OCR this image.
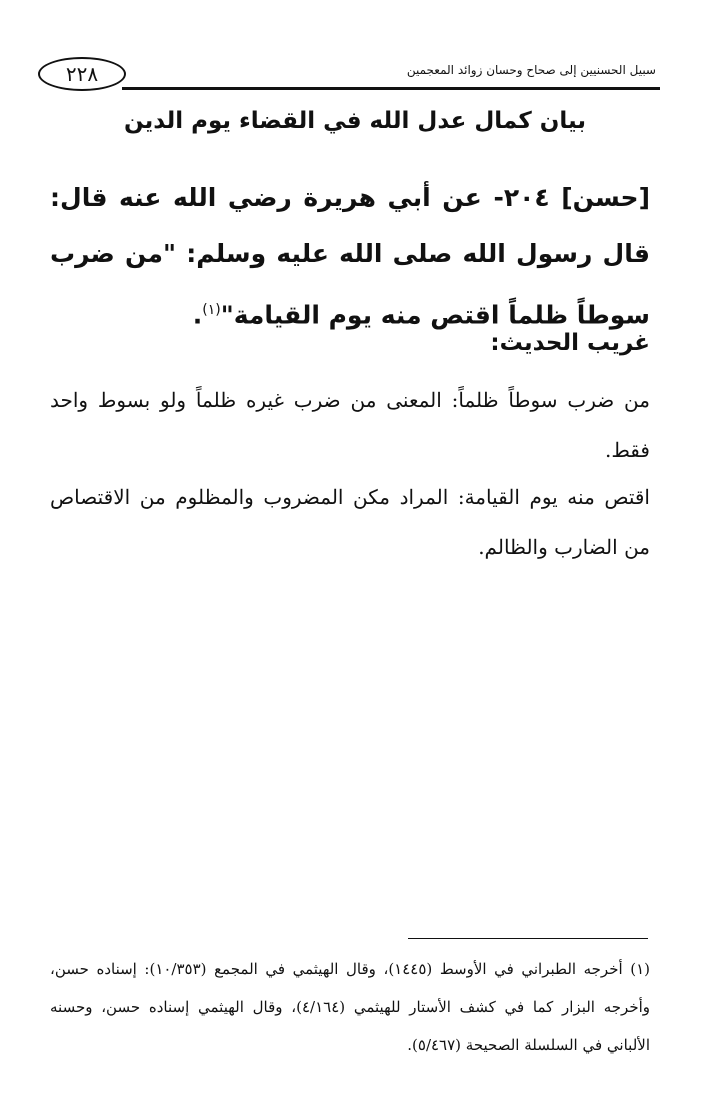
٢٢٨	سبيل الحسنيين إلى صحاح وحسان زوائد المعجمين
بيان كمال عدل الله في القضاء يوم الدين
[حسن] ٢٠٤- عن أبي هريرة رضي الله عنه قال: قال رسول الله صلى الله عليه وسلم: "من ضرب سوطاً ظلماً اقتص منه يوم القيامة"$^{(١)}$.
غريب الحديث:
من ضرب سوطاً ظلماً: المعنى من ضرب غيره ظلماً ولو بسوط واحد فقط.
اقتص منه يوم القيامة: المراد مكن المضروب والمظلوم من الاقتصاص من الضارب والظالم.
(١) أخرجه الطبراني في الأوسط (١٤٤٥)، وقال الهيثمي في المجمع (١٠/٣٥٣): إسناده حسن، وأخرجه البزار كما في كشف الأستار للهيثمي (٤/١٦٤)، وقال الهيثمي إسناده حسن، وحسنه الألباني في السلسلة الصحيحة (٥/٤٦٧).
